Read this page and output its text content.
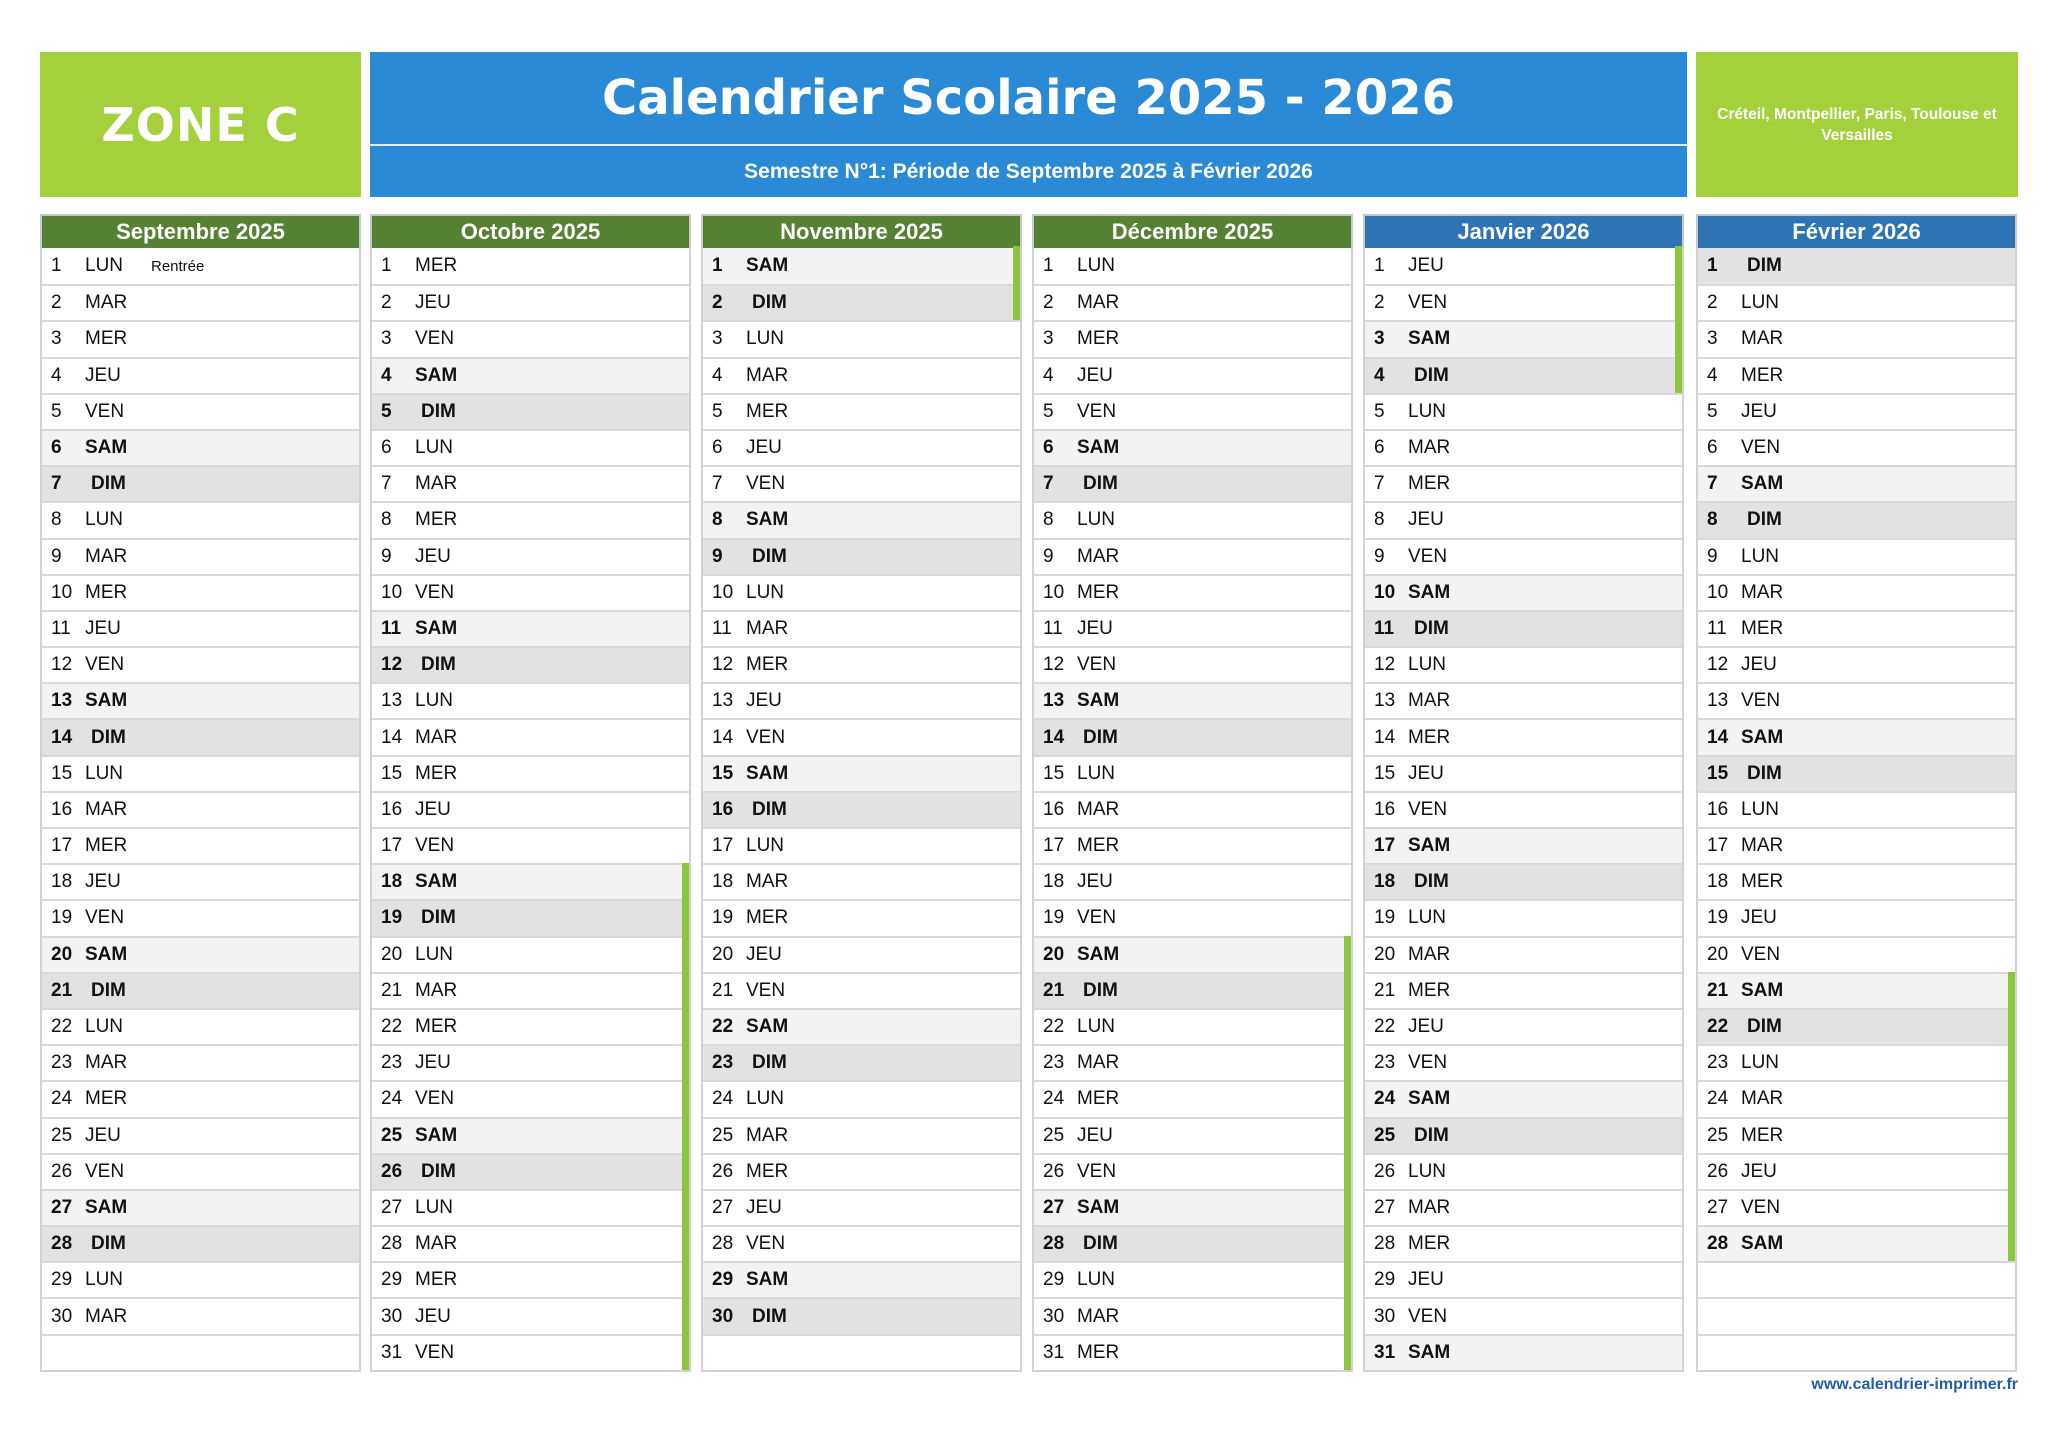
ZONE C	Calendrier Scolaire 2025 - 2026
Semestre N°1: Période de Septembre 2025 à Février 2026
Créteil, Montpellier, Paris, Toulouse et Versailles
Septembre 2025
1	LUN	Rentrée
2	MAR
3	MER
4	JEU
5	VEN
6	SAM
7	DIM
8	LUN
9	MAR
10 MER
11 JEU
12 VEN
13 SAM
14 DIM
15 LUN
16 MAR
17 MER
18 JEU
19 VEN
20 SAM
21 DIM
22 LUN
23 MAR
24 MER
25 JEU
26 VEN
27 SAM
28 DIM
29 LUN
30 MAR
Octobre 2025
1	MER
2	JEU
3	VEN
4	SAM
5	DIM
6	LUN
7	MAR
8	MER
9	JEU
10 VEN
11 SAM
12 DIM
13 LUN
14 MAR
15 MER
16 JEU
17 VEN
18 SAM
19 DIM
20 LUN
21 MAR
22 MER
23 JEU
24 VEN
25 SAM
26 DIM
27 LUN
28 MAR
29 MER
30 JEU
31 VEN
Novembre 2025
1	SAM
2	DIM
3	LUN
4	MAR
5	MER
6	JEU
7	VEN
8	SAM
9	DIM
10 LUN
11 MAR
12 MER
13 JEU
14 VEN
15 SAM
16 DIM
17 LUN
18 MAR
19 MER
20 JEU
21 VEN
22 SAM
23 DIM
24 LUN
25 MAR
26 MER
27 JEU
28 VEN
29 SAM
30 DIM
Décembre 2025
1	LUN
2	MAR
3	MER
4	JEU
5	VEN
6	SAM
7	DIM
8	LUN
9	MAR
10 MER
11 JEU
12 VEN
13 SAM
14 DIM
15 LUN
16 MAR
17 MER
18 JEU
19 VEN
20 SAM
21 DIM
22 LUN
23 MAR
24 MER
25 JEU
26 VEN
27 SAM
28 DIM
29 LUN
30 MAR
31 MER
Janvier 2026
1	JEU
2	VEN
3	SAM
4	DIM
5	LUN
6	MAR
7	MER
8	JEU
9	VEN
10 SAM
11	DIM
12 LUN
13 MAR
14 MER
15 JEU
16 VEN
17 SAM
18 DIM
19 LUN
20 MAR
21 MER
22 JEU
23 VEN
24 SAM
25 DIM
26 LUN
27 MAR
28 MER
29 JEU
30 VEN
31 SAM
Février 2026
1	DIM
2	LUN
3	MAR
4	MER
5	JEU
6	VEN
7	SAM
8	DIM
9	LUN
10 MAR
11 MER
12 JEU
13 VEN
14 SAM
15 DIM
16 LUN
17 MAR
18 MER
19 JEU
20 VEN
21 SAM
22 DIM
23 LUN
24 MAR
25 MER
26 JEU
27 VEN
28 SAM
www.calendrier-imprimer.fr
